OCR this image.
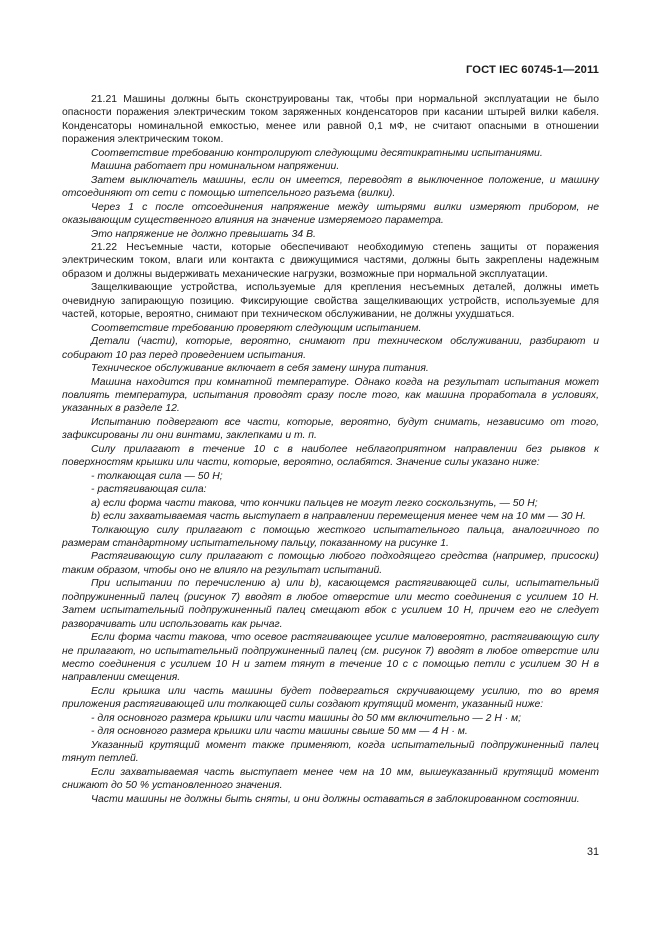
ГОСТ IEC 60745-1—2011

21.21 Машины должны быть сконструированы так, чтобы при нормальной эксплуатации не было опасности поражения электрическим током заряженных конденсаторов при касании штырей вилки кабеля. Конденсаторы номинальной емкостью, менее или равной 0,1 мФ, не считают опасными в отношении поражения электрическим током.

Соответствие требованию контролируют следующими десятикратными испытаниями.

Машина работает при номинальном напряжении.

Затем выключатель машины, если он имеется, переводят в выключенное положение, и машину отсоединяют от сети с помощью штепсельного разъема (вилки).

Через 1 с после отсоединения напряжение между штырями вилки измеряют прибором, не оказывающим существенного влияния на значение измеряемого параметра.

Это напряжение не должно превышать 34 В.

21.22 Несъемные части, которые обеспечивают необходимую степень защиты от поражения электрическим током, влаги или контакта с движущимися частями, должны быть закреплены надежным образом и должны выдерживать механические нагрузки, возможные при нормальной эксплуатации.

Защелкивающие устройства, используемые для крепления несъемных деталей, должны иметь очевидную запирающую позицию. Фиксирующие свойства защелкивающих устройств, используемые для частей, которые, вероятно, снимают при техническом обслуживании, не должны ухудшаться.

Соответствие требованию проверяют следующим испытанием.

Детали (части), которые, вероятно, снимают при техническом обслуживании, разбирают и собирают 10 раз перед проведением испытания.

Техническое обслуживание включает в себя замену шнура питания.

Машина находится при комнатной температуре. Однако когда на результат испытания может повлиять температура, испытания проводят сразу после того, как машина проработала в условиях, указанных в разделе 12.

Испытанию подвергают все части, которые, вероятно, будут снимать, независимо от того, зафиксированы ли они винтами, заклепками и т. п.

Силу прилагают в течение 10 с в наиболее неблагоприятном направлении без рывков к поверхностям крышки или части, которые, вероятно, ослабятся. Значение силы указано ниже:

- толкающая сила — 50 Н;

- растягивающая сила:

а) если форма части такова, что кончики пальцев не могут легко соскользнуть, — 50 Н;

b) если захватываемая часть выступает в направлении перемещения менее чем на 10 мм — 30 Н.

Толкающую силу прилагают с помощью жесткого испытательного пальца, аналогичного по размерам стандартному испытательному пальцу, показанному на рисунке 1.

Растягивающую силу прилагают с помощью любого подходящего средства (например, присоски) таким образом, чтобы оно не влияло на результат испытаний.

При испытании по перечислению а) или b), касающемся растягивающей силы, испытательный подпружиненный палец (рисунок 7) вводят в любое отверстие или место соединения с усилием 10 Н. Затем испытательный подпружиненный палец смещают вбок с усилием 10 Н, причем его не следует разворачивать или использовать как рычаг.

Если форма части такова, что осевое растягивающее усилие маловероятно, растягивающую силу не прилагают, но испытательный подпружиненный палец (см. рисунок 7) вводят в любое отверстие или место соединения с усилием 10 Н и затем тянут в течение 10 с с помощью петли с усилием 30 Н в направлении смещения.

Если крышка или часть машины будет подвергаться скручивающему усилию, то во время приложения растягивающей или толкающей силы создают крутящий момент, указанный ниже:

- для основного размера крышки или части машины до 50 мм включительно — 2 Н · м;

- для основного размера крышки или части машины свыше 50 мм — 4 Н · м.

Указанный крутящий момент также применяют, когда испытательный подпружиненный палец тянут петлей.

Если захватываемая часть выступает менее чем на 10 мм, вышеуказанный крутящий момент снижают до 50 % установленного значения.

Части машины не должны быть сняты, и они должны оставаться в заблокированном состоянии.

31
